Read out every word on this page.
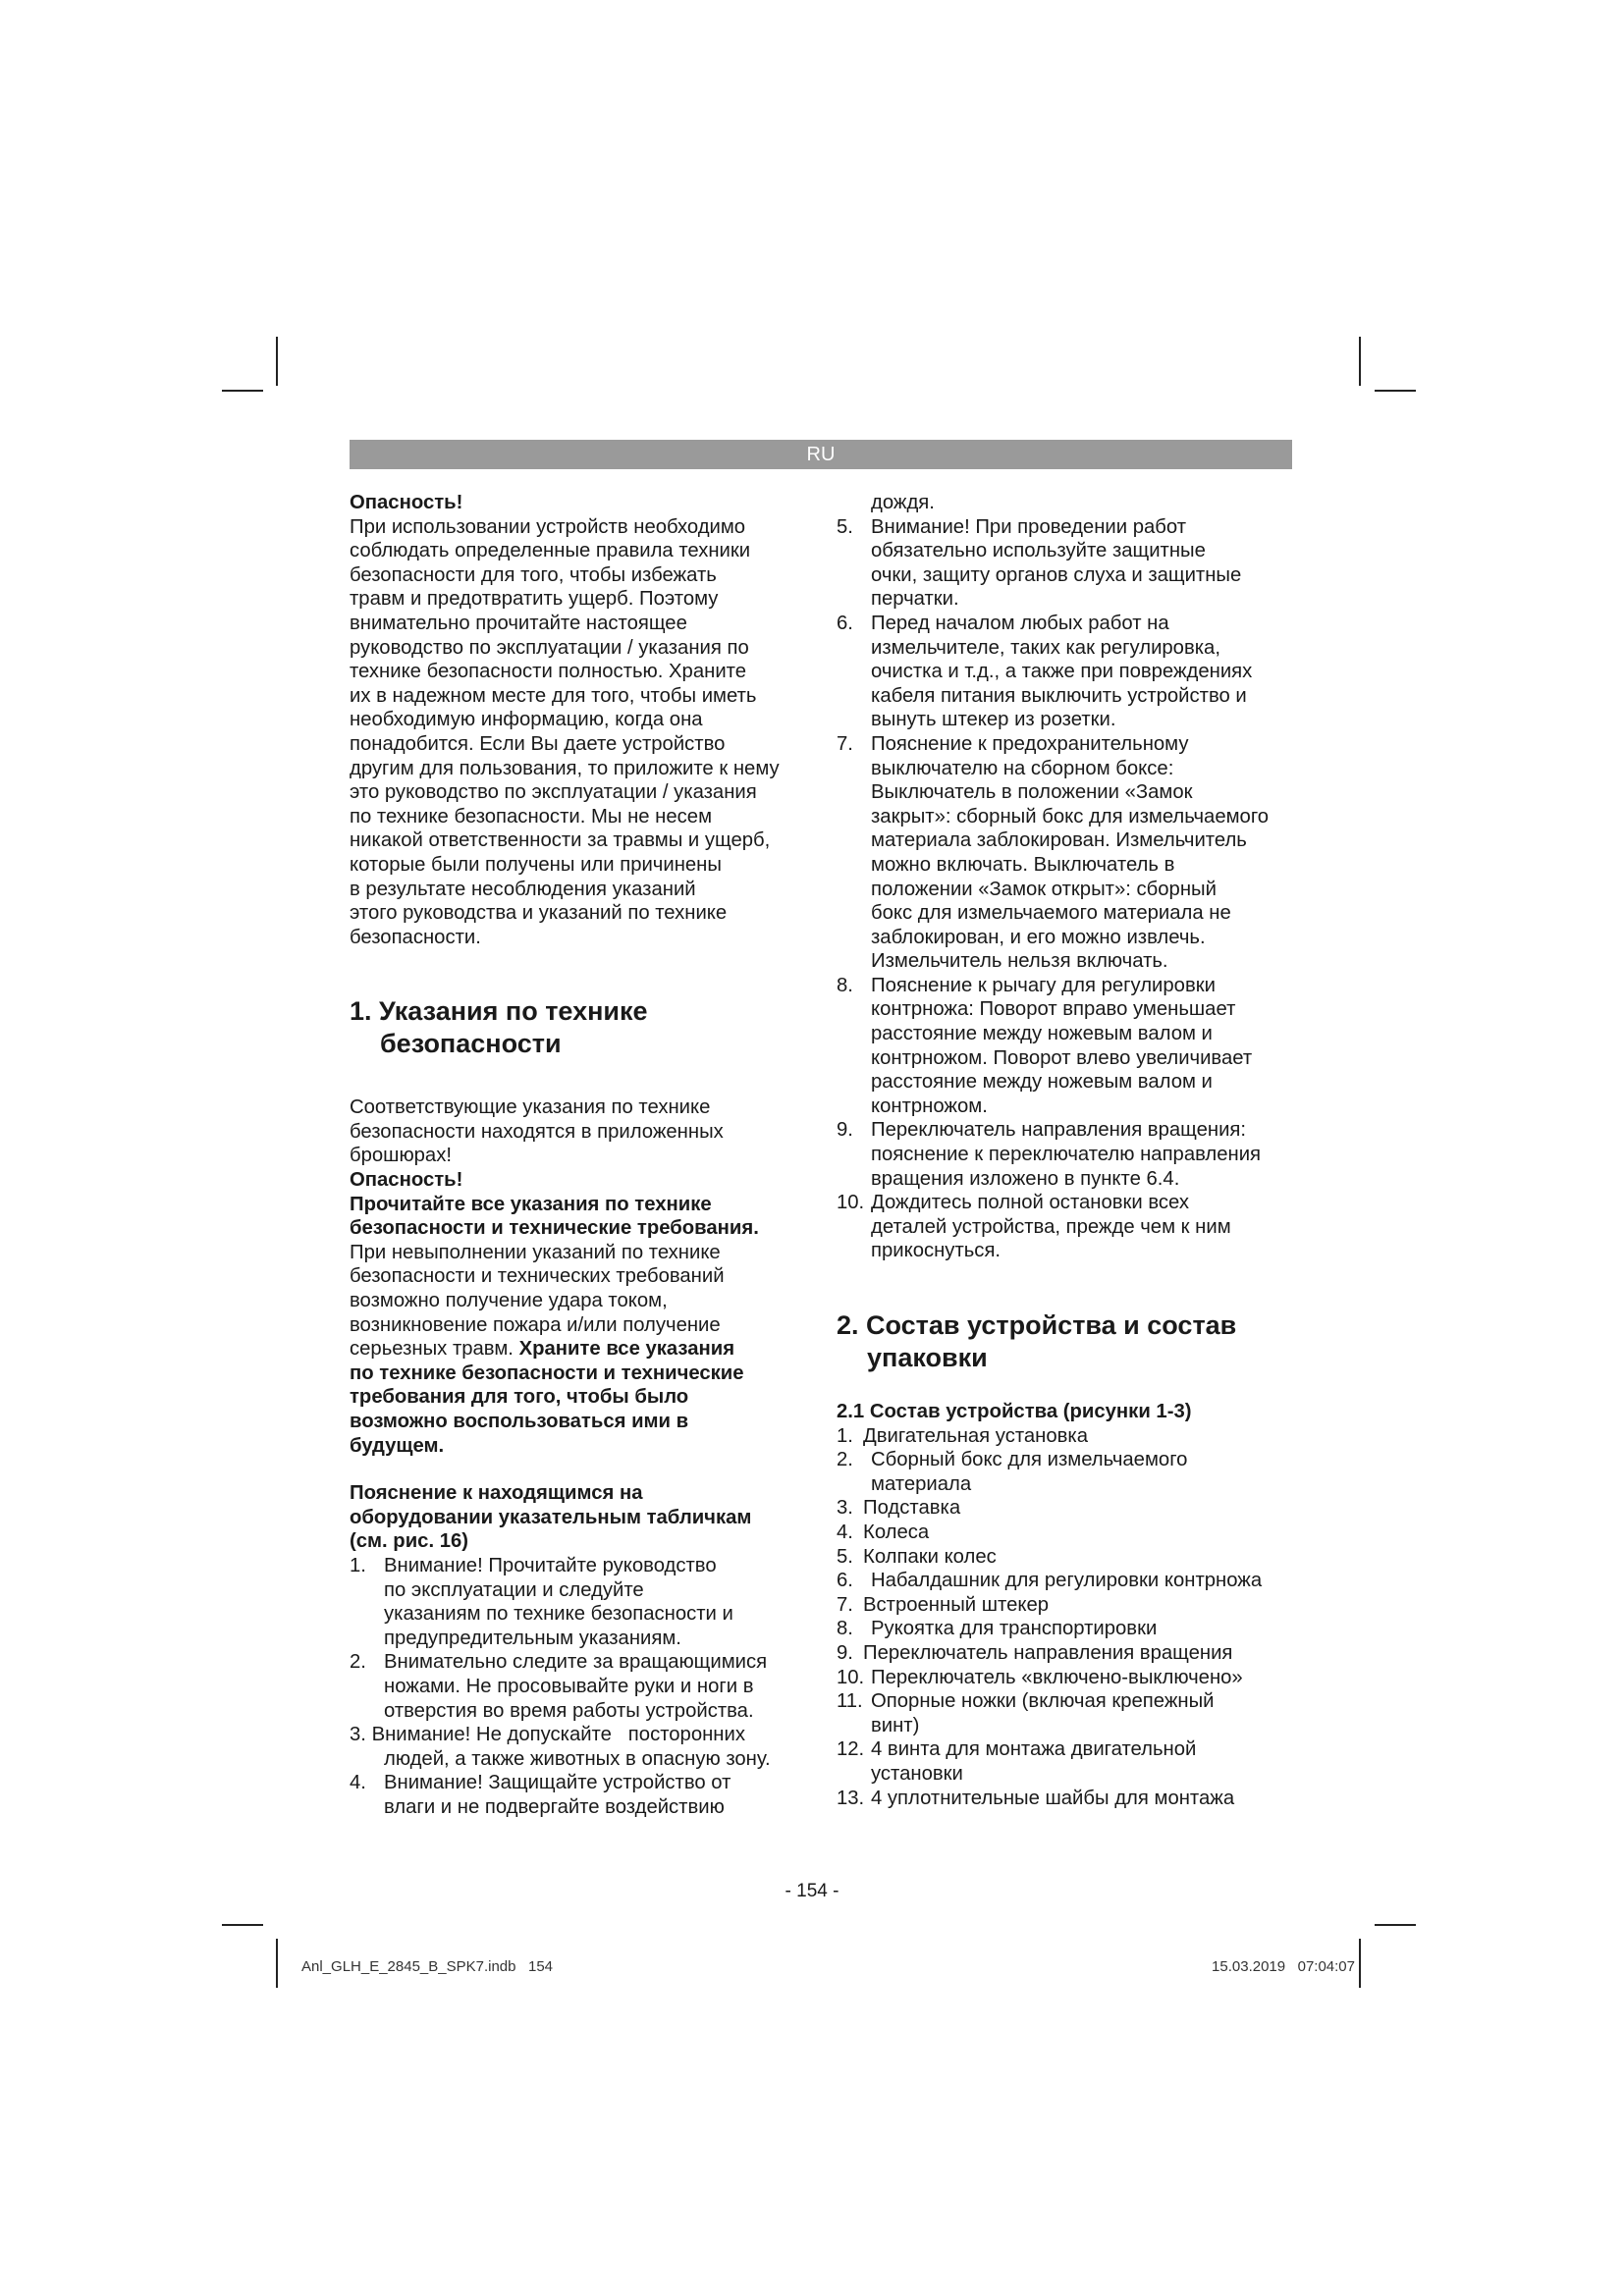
RU

Опасность!

При использовании устройств необходимо

соблюдать определенные правила техники

безопасности для того, чтобы избежать

травм и предотвратить ущерб. Поэтому

внимательно прочитайте настоящее

руководство по эксплуатации / указания по

технике безопасности полностью. Храните

их в надежном месте для того, чтобы иметь

необходимую информацию, когда она

понадобится. Если Вы даете устройство

другим для пользования, то приложите к нему

это руководство по эксплуатации / указания

по технике безопасности. Мы не несем

никакой ответственности за травмы и ущерб,

которые были получены или причинены

в результате несоблюдения указаний

этого руководства и указаний по технике

безопасности.

1. Указания по технике
безопасности

Соответствующие указания по технике

безопасности находятся в приложенных

брошюрах!

Опасность!

Прочитайте все указания по технике

безопасности и технические требования.

При невыполнении указаний по технике

безопасности и технических требований

возможно получение удара током,

возникновение пожара и/или получение

серьезных травм. Храните все указания

по технике безопасности и технические

требования для того, чтобы было

возможно воспользоваться ими в

будущем.

Пояснение к находящимся на

оборудовании указательным табличкам

(см. рис. 16)

1. Внимание! Прочитайте руководство
по эксплуатации и следуйте
указаниям по технике безопасности и
предупредительным указаниям.
2. Внимательно следите за вращающимися
ножами. Не просовывайте руки и ноги в
отверстия во время работы устройства.
3. Внимание! Не допускайте   посторонних
людей, а также животных в опасную зону.
4. Внимание! Защищайте устройство от
влаги и не подвергайте воздействию

дождя.

5. Внимание! При проведении работ
обязательно используйте защитные
очки, защиту органов слуха и защитные
перчатки.
6. Перед началом любых работ на
измельчителе, таких как регулировка,
очистка и т.д., а также при повреждениях
кабеля питания выключить устройство и
вынуть штекер из розетки.
7. Пояснение к предохранительному
выключателю на сборном боксе:
Выключатель в положении «Замок
закрыт»: сборный бокс для измельчаемого
материала заблокирован. Измельчитель
можно включать. Выключатель в
положении «Замок открыт»: сборный
бокс для измельчаемого материала не
заблокирован, и его можно извлечь.
Измельчитель нельзя включать.
8. Пояснение к рычагу для регулировки
контрножа: Поворот вправо уменьшает
расстояние между ножевым валом и
контрножом. Поворот влево увеличивает
расстояние между ножевым валом и
контрножом.
9. Переключатель направления вращения:
пояснение к переключателю направления
вращения изложено в пункте 6.4.
10. Дождитесь полной остановки всех
деталей устройства, прежде чем к ним
прикоснуться.
2. Состав устройства и состав
упаковки

2.1 Состав устройства (рисунки 1-3)

1. Двигательная установка
2. Сборный бокс для измельчаемого
материала
3. Подставка
4. Колеса
5. Колпаки колес
6. Набалдашник для регулировки контрножа
7. Встроенный штекер
8. Рукоятка для транспортировки
9. Переключатель направления вращения
10. Переключатель «включено-выключено»
11. Опорные ножки (включая крепежный
винт)
12. 4 винта для монтажа двигательной
установки
13. 4 уплотнительные шайбы для монтажа
- 154 -
Anl_GLH_E_2845_B_SPK7.indb   154	15.03.2019   07:04:07
